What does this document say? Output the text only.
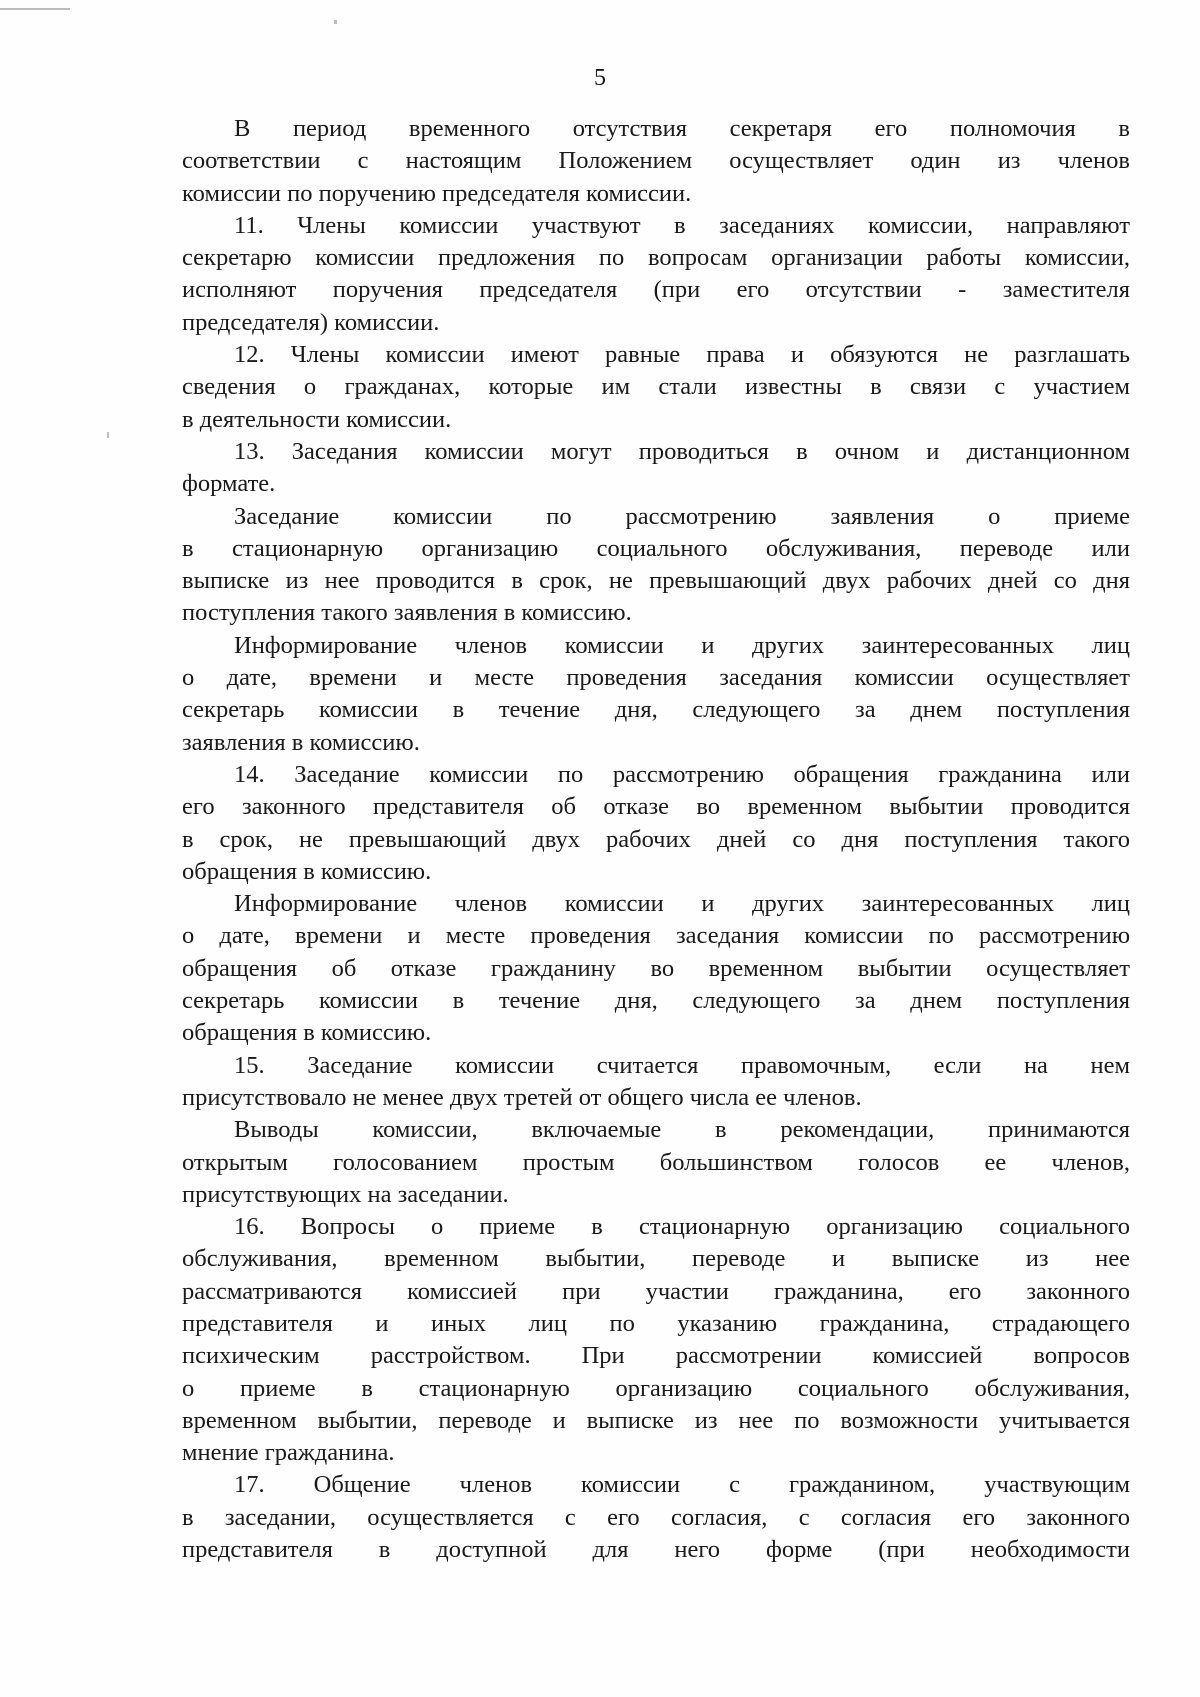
5
В период временного отсутствия секретаря его полномочия в
соответствии с настоящим Положением осуществляет один из членов
комиссии по поручению председателя комиссии.
11. Члены комиссии участвуют в заседаниях комиссии, направляют
секретарю комиссии предложения по вопросам организации работы комиссии,
исполняют поручения председателя (при его отсутствии - заместителя
председателя) комиссии.
12. Члены комиссии имеют равные права и обязуются не разглашать
сведения о гражданах, которые им стали известны в связи с участием
в деятельности комиссии.
13. Заседания комиссии могут проводиться в очном и дистанционном
формате.
Заседание комиссии по рассмотрению заявления о приеме
в стационарную организацию социального обслуживания, переводе или
выписке из нее проводится в срок, не превышающий двух рабочих дней со дня
поступления такого заявления в комиссию.
Информирование членов комиссии и других заинтересованных лиц
о дате, времени и месте проведения заседания комиссии осуществляет
секретарь комиссии в течение дня, следующего за днем поступления
заявления в комиссию.
14. Заседание комиссии по рассмотрению обращения гражданина или
его законного представителя об отказе во временном выбытии проводится
в срок, не превышающий двух рабочих дней со дня поступления такого
обращения в комиссию.
Информирование членов комиссии и других заинтересованных лиц
о дате, времени и месте проведения заседания комиссии по рассмотрению
обращения об отказе гражданину во временном выбытии осуществляет
секретарь комиссии в течение дня, следующего за днем поступления
обращения в комиссию.
15. Заседание комиссии считается правомочным, если на нем
присутствовало не менее двух третей от общего числа ее членов.
Выводы комиссии, включаемые в рекомендации, принимаются
открытым голосованием простым большинством голосов ее членов,
присутствующих на заседании.
16. Вопросы о приеме в стационарную организацию социального
обслуживания, временном выбытии, переводе и выписке из нее
рассматриваются комиссией при участии гражданина, его законного
представителя и иных лиц по указанию гражданина, страдающего
психическим расстройством. При рассмотрении комиссией вопросов
о приеме в стационарную организацию социального обслуживания,
временном выбытии, переводе и выписке из нее по возможности учитывается
мнение гражданина.
17. Общение членов комиссии с гражданином, участвующим
в заседании, осуществляется с его согласия, с согласия его законного
представителя в доступной для него форме (при необходимости
